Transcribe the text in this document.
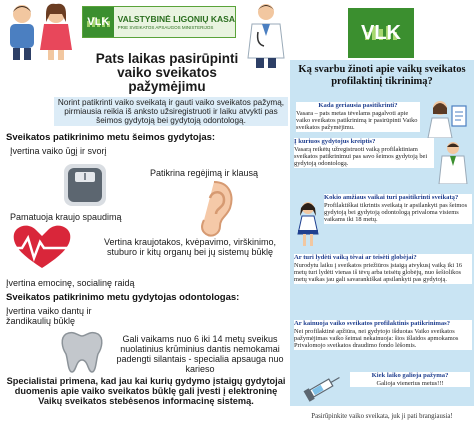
VLK VALSTYBINĖ LIGONIŲ KASA
PRIE SVEIKATOS APSAUGOS MINISTERIJOS
Pats laikas pasirūpinti vaiko sveikatos pažymėjimu
Norint patikrinti vaiko sveikatą ir gauti vaiko sveikatos pažymą, pirmiausia reikia iš anksto užsiregistruoti ir laiku atvykti pas šeimos gydytoją bei gydytoją odontologą.
Sveikatos patikrinimo metu šeimos gydytojas:
Įvertina vaiko ūgį ir svorį
Patikrina regėjimą ir klausą
Pamatuoja kraujo spaudimą
Vertina kraujotakos, kvėpavimo, virškinimo, stuburo ir kitų organų bei jų sistemų būklę
Įvertina emocinę, socialinę raidą
Sveikatos patikrinimo metu gydytojas odontologas:
Įvertina vaiko dantų ir žandikaulių būklę
Gali vaikams nuo 6 iki 14 metų sveikus nuolatinius krūminius dantis nemokamai padengti silantais - specialia apsauga nuo karieso
Specialistai primena, kad jau kai kurių gydymo įstaigų gydytojai duomenis apie vaiko sveikatos būklę gali įvesti į elektroninę Vaikų sveikatos stebėsenos informacinę sistemą.
VLK
Ką svarbu žinoti apie vaikų sveikatos profilaktinį tikrinimą?
Kada geriausia pasitikrinti?
Vasara – pats metas tėvelams pagalvoti apie vaiko sveikatos patikrinimą ir pasirūpinti Vaiko sveikatos pažymėjimu.
Į kuriuos gydytojus kreiptis?
Vasarą reikėtų užregistruoti vaiką profilaktiniam sveikatos patikrinimui pas savo šeimos gydytoją bei gydytoją odontologą.
Kokio amžiaus vaikai turi pasitikrinti sveikatą?
Profilaktiškai tikrintis sveikatą ir apsilankyti pas šeimos gydytoją bei gydytoją odontologą privaloma visiems vaikams iki 18 metų.
Ar turi lydėti vaiką tėvai ar teisėti globėjai?
Nurodytu laiku į sveikatos priežiūros įstaigą atvykusį vaiką iki 16 metų turi lydėti vienas iš tėvų arba teisėtų globėjų, nuo šešiolikos metų vaikas jau gali savarankiškai apsilankyti pas gydytoją.
Ar kainuoja vaiko sveikatos profilaktinis patikrinimas?
Nei profilaktinė apžiūra, nei gydytojo išduotas Vaiko sveikatos pažymėjimas vaiko šeimai nekainuoja: šios išlaidos apmokamos Privalomojo sveikatos draudimo fondo lėšomis.
Kiek laiko galioja pažyma?
Galioja vienerius metus!!!
Pasirūpinkite vaiko sveikata, juk ji pati brangiausia!
